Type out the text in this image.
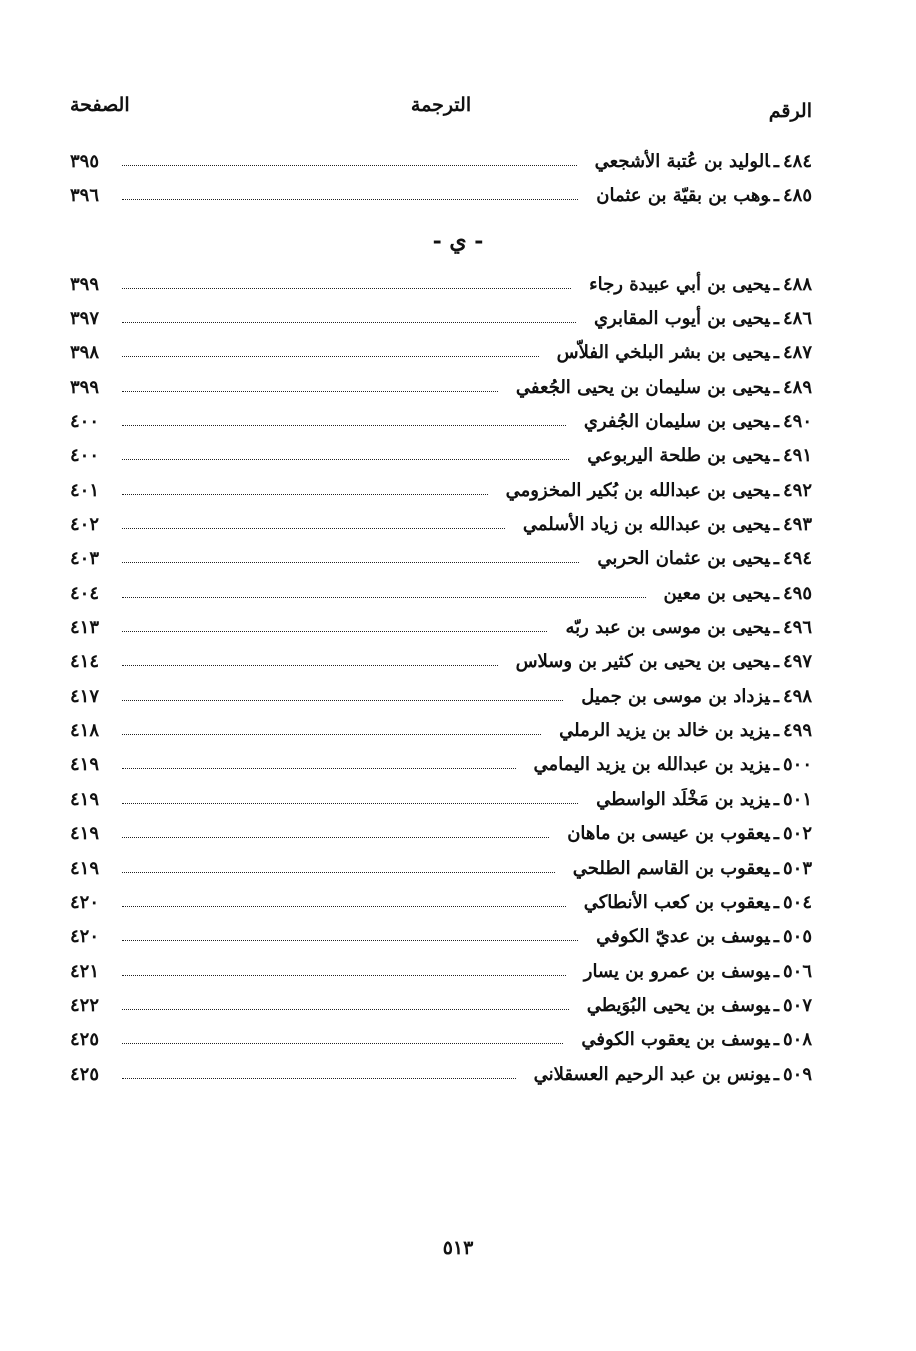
الرقم
الترجمة
الصفحة
٤٨٤ـالوليد بن عُتبة الأشجعي
٣٩٥
٤٨٥ـوهب بن بقيّة بن عثمان
٣٩٦
- ي -
٤٨٨ـيحيى بن أبي عبيدة رجاء
٣٩٩
٤٨٦ـيحيى بن أيوب المقابري
٣٩٧
٤٨٧ـيحيى بن بشر البلخي الفلاّس
٣٩٨
٤٨٩ـيحيى بن سليمان بن يحيى الجُعفي
٣٩٩
٤٩٠ـيحيى بن سليمان الجُفري
٤٠٠
٤٩١ـيحيى بن طلحة اليربوعي
٤٠٠
٤٩٢ـيحيى بن عبدالله بن بُكير المخزومي
٤٠١
٤٩٣ـيحيى بن عبدالله بن زياد الأسلمي
٤٠٢
٤٩٤ـيحيى بن عثمان الحربي
٤٠٣
٤٩٥ـيحيى بن معين
٤٠٤
٤٩٦ـيحيى بن موسى بن عبد ربّه
٤١٣
٤٩٧ـيحيى بن يحيى بن كثير بن وسلاس
٤١٤
٤٩٨ـيزداد بن موسى بن جميل
٤١٧
٤٩٩ـيزيد بن خالد بن يزيد الرملي
٤١٨
٥٠٠ـيزيد بن عبدالله بن يزيد اليمامي
٤١٩
٥٠١ـيزيد بن مَخْلَد الواسطي
٤١٩
٥٠٢ـيعقوب بن عيسى بن ماهان
٤١٩
٥٠٣ـيعقوب بن القاسم الطلحي
٤١٩
٥٠٤ـيعقوب بن كعب الأنطاكي
٤٢٠
٥٠٥ـيوسف بن عديّ الكوفي
٤٢٠
٥٠٦ـيوسف بن عمرو بن يسار
٤٢١
٥٠٧ـيوسف بن يحيى البُوَيطي
٤٢٢
٥٠٨ـيوسف بن يعقوب الكوفي
٤٢٥
٥٠٩ـيونس بن عبد الرحيم العسقلاني
٤٢٥
٥١٣
